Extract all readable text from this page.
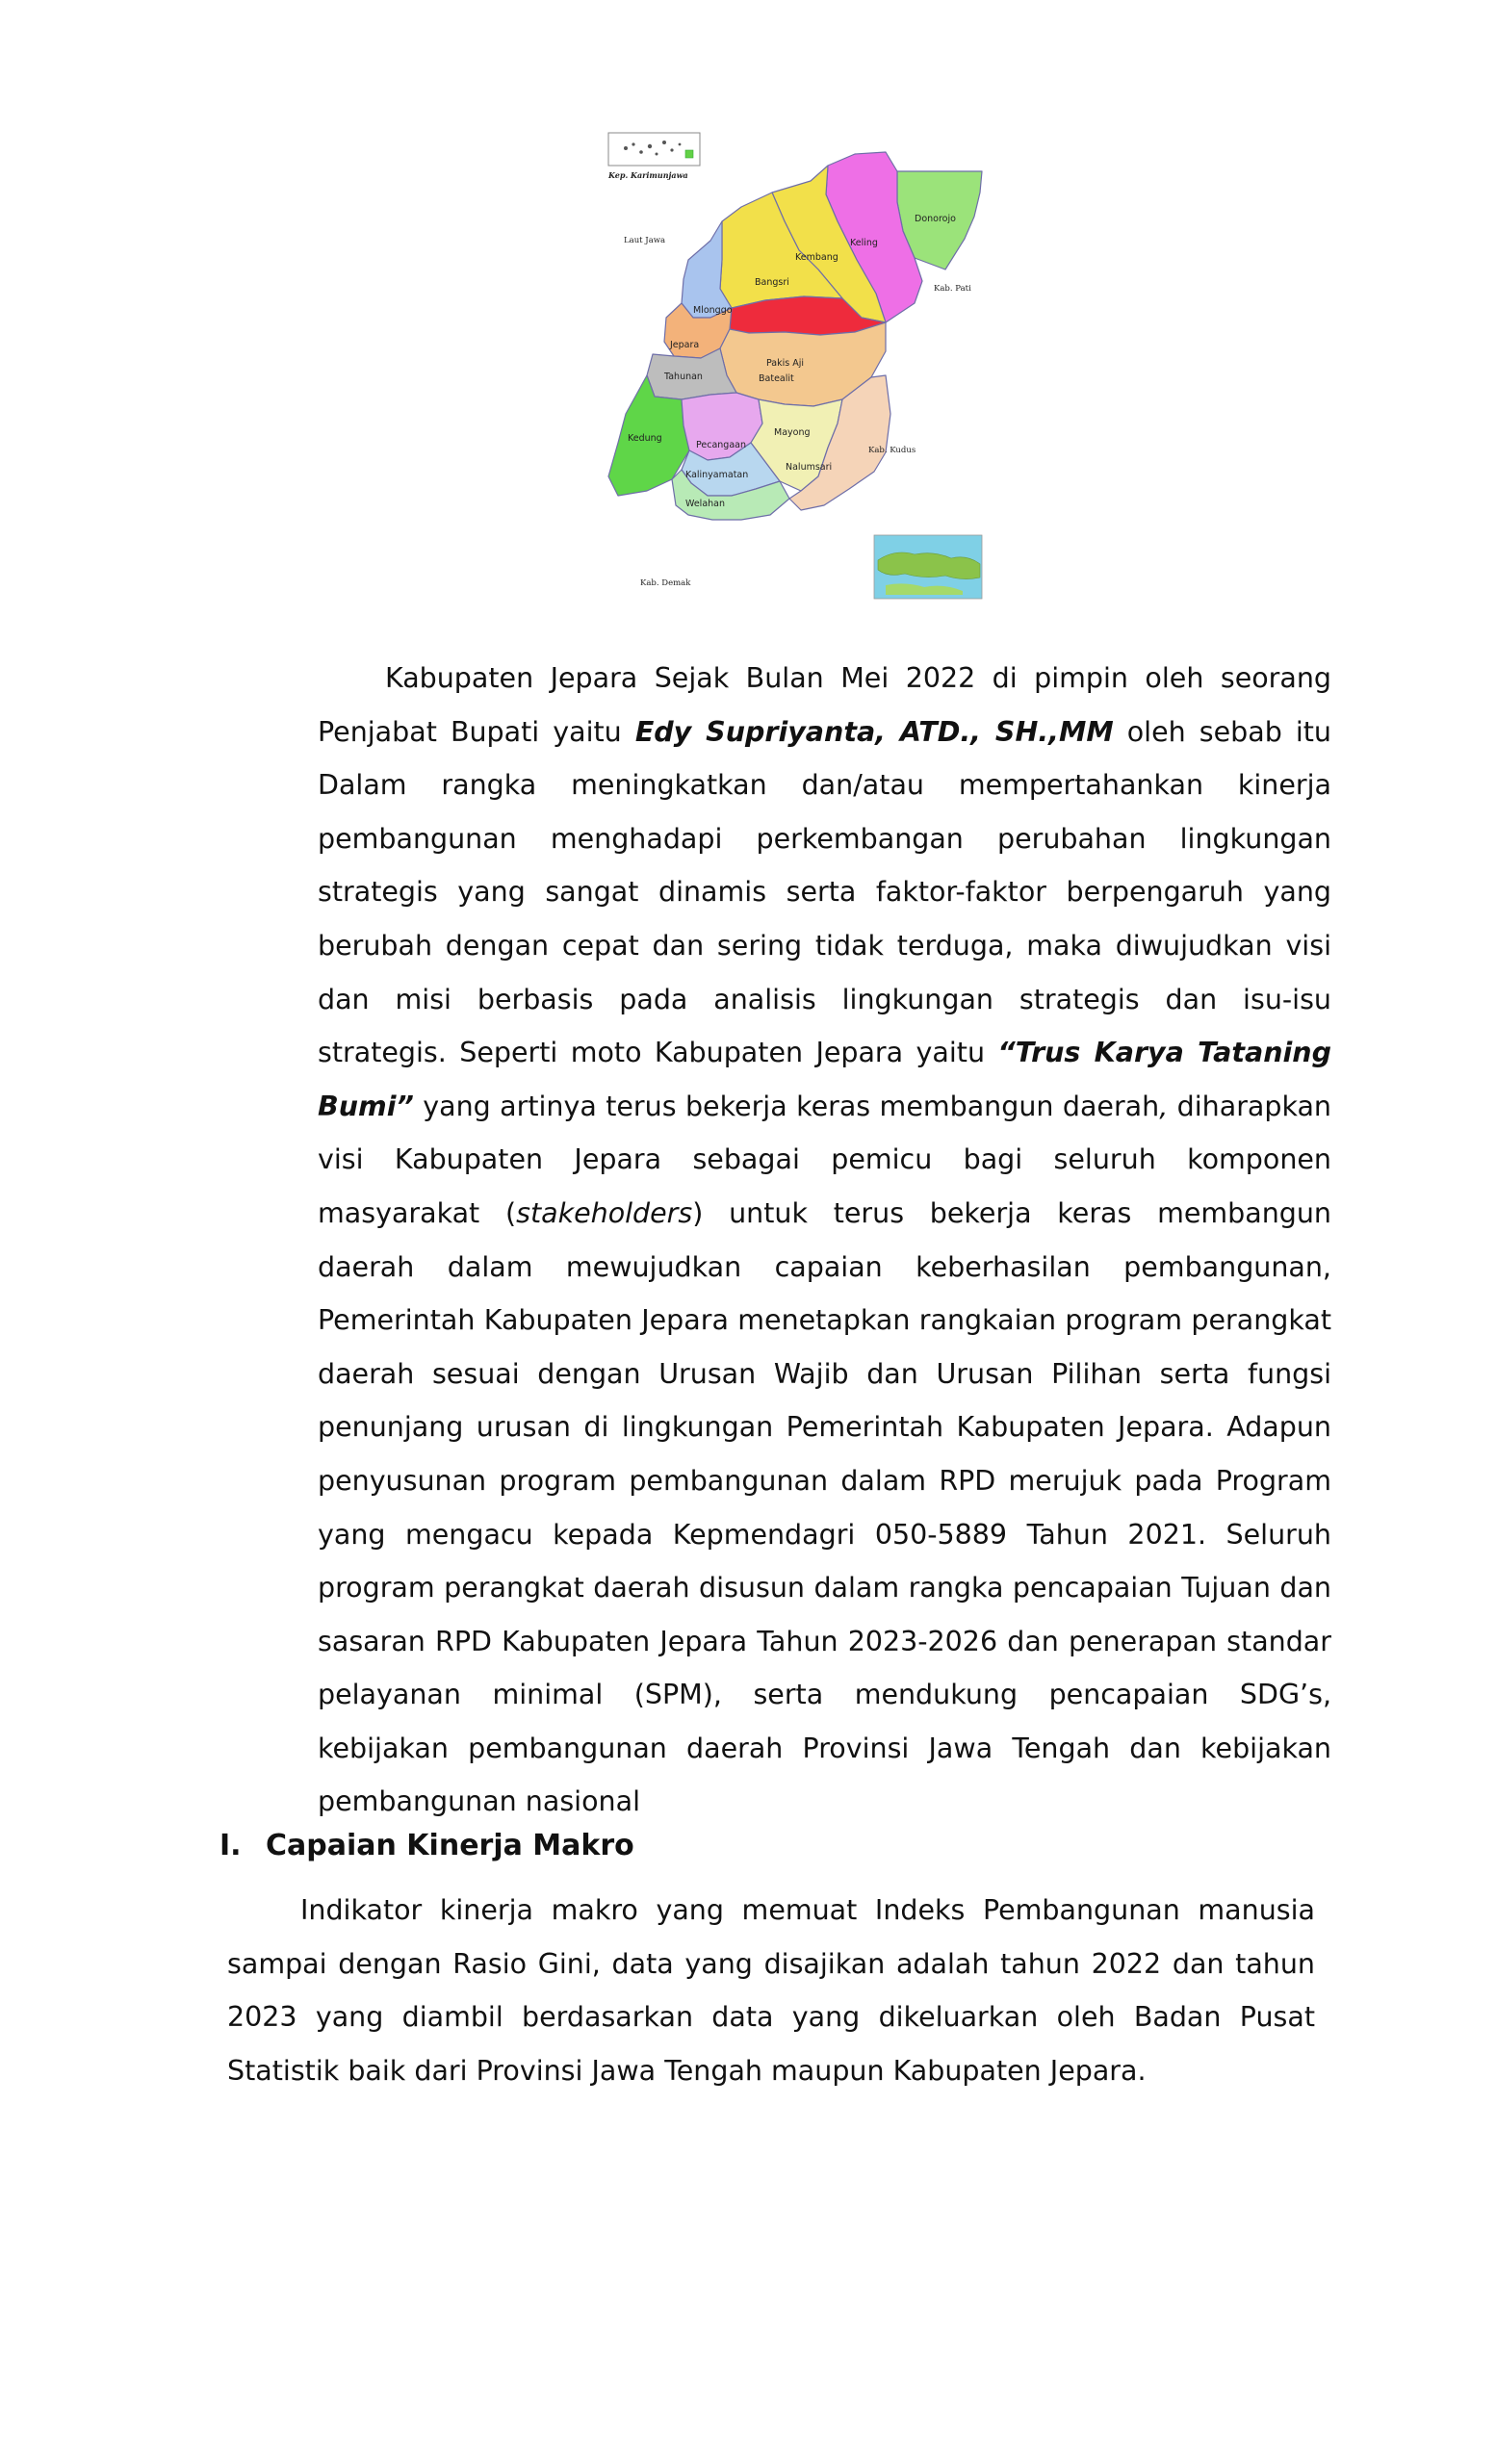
Kep. Karimunjawa
Laut Jawa
Donorojo
Keling
Kembang
Bangsri
Mlonggo
Jepara
Pakis Aji
Tahunan	Batealit
Kedung
Pecangaan
Mayong
Nalumsari
Kalinyamatan
Welahan
Kab. Pati
Kab. Kudus
Kab. Demak

Kabupaten Jepara Sejak Bulan Mei 2022 di pimpin oleh seorang Penjabat Bupati yaitu Edy Supriyanta, ATD., SH.,MM oleh sebab itu Dalam rangka meningkatkan dan/atau mempertahankan kinerja pembangunan menghadapi perkembangan perubahan lingkungan strategis yang sangat dinamis serta faktor-faktor berpengaruh yang berubah dengan cepat dan sering tidak terduga, maka diwujudkan visi dan misi berbasis pada analisis lingkungan strategis dan isu-isu strategis. Seperti moto Kabupaten Jepara yaitu “Trus Karya Tataning Bumi” yang artinya terus bekerja keras membangun daerah, diharapkan visi Kabupaten Jepara sebagai pemicu bagi seluruh komponen masyarakat (stakeholders) untuk terus bekerja keras membangun daerah dalam mewujudkan capaian keberhasilan pembangunan, Pemerintah Kabupaten Jepara menetapkan rangkaian program perangkat daerah sesuai dengan Urusan Wajib dan Urusan Pilihan serta fungsi penunjang urusan di lingkungan Pemerintah Kabupaten Jepara. Adapun penyusunan program pembangunan dalam RPD merujuk pada Program yang mengacu kepada Kepmendagri 050-5889 Tahun 2021. Seluruh program perangkat daerah disusun dalam rangka pencapaian Tujuan dan sasaran RPD Kabupaten Jepara Tahun 2023-2026 dan penerapan standar pelayanan minimal (SPM), serta mendukung pencapaian SDG’s, kebijakan pembangunan daerah Provinsi Jawa Tengah dan kebijakan pembangunan nasional

I. Capaian Kinerja Makro

Indikator kinerja makro yang memuat Indeks Pembangunan manusia sampai dengan Rasio Gini, data yang disajikan adalah tahun 2022 dan tahun 2023 yang diambil berdasarkan data yang dikeluarkan oleh Badan Pusat Statistik baik dari Provinsi Jawa Tengah maupun Kabupaten Jepara.
